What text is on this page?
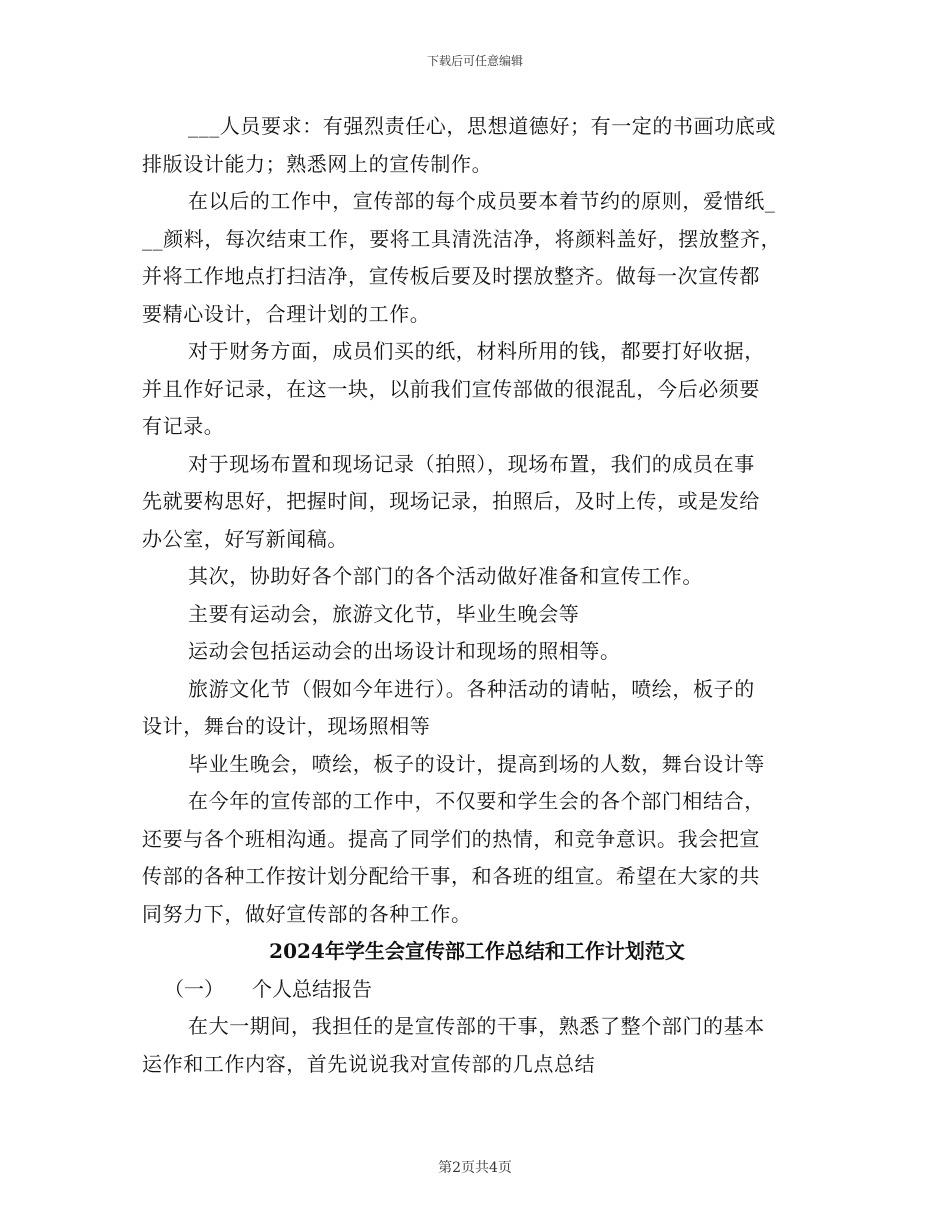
下载后可任意编辑
___人员要求：有强烈责任心，思想道德好；有一定的书画功底或
排版设计能力；熟悉网上的宣传制作。
在以后的工作中，宣传部的每个成员要本着节约的原则，爱惜纸_
__颜料，每次结束工作，要将工具清洗洁净，将颜料盖好，摆放整齐，
并将工作地点打扫洁净，宣传板后要及时摆放整齐。做每一次宣传都
要精心设计，合理计划的工作。
对于财务方面，成员们买的纸，材料所用的钱，都要打好收据，
并且作好记录，在这一块，以前我们宣传部做的很混乱，今后必须要
有记录。
对于现场布置和现场记录（拍照），现场布置，我们的成员在事
先就要构思好，把握时间，现场记录，拍照后，及时上传，或是发给
办公室，好写新闻稿。
其次，协助好各个部门的各个活动做好准备和宣传工作。
主要有运动会，旅游文化节，毕业生晚会等
运动会包括运动会的出场设计和现场的照相等。
旅游文化节（假如今年进行）。各种活动的请帖，喷绘，板子的
设计，舞台的设计，现场照相等
毕业生晚会，喷绘，板子的设计，提高到场的人数，舞台设计等
在今年的宣传部的工作中，不仅要和学生会的各个部门相结合，
还要与各个班相沟通。提高了同学们的热情，和竞争意识。我会把宣
传部的各种工作按计划分配给干事，和各班的组宣。希望在大家的共
同努力下，做好宣传部的各种工作。
2024年学生会宣传部工作总结和工作计划范文
（一） 个人总结报告
在大一期间，我担任的是宣传部的干事，熟悉了整个部门的基本
运作和工作内容，首先说说我对宣传部的几点总结
第2页共4页
